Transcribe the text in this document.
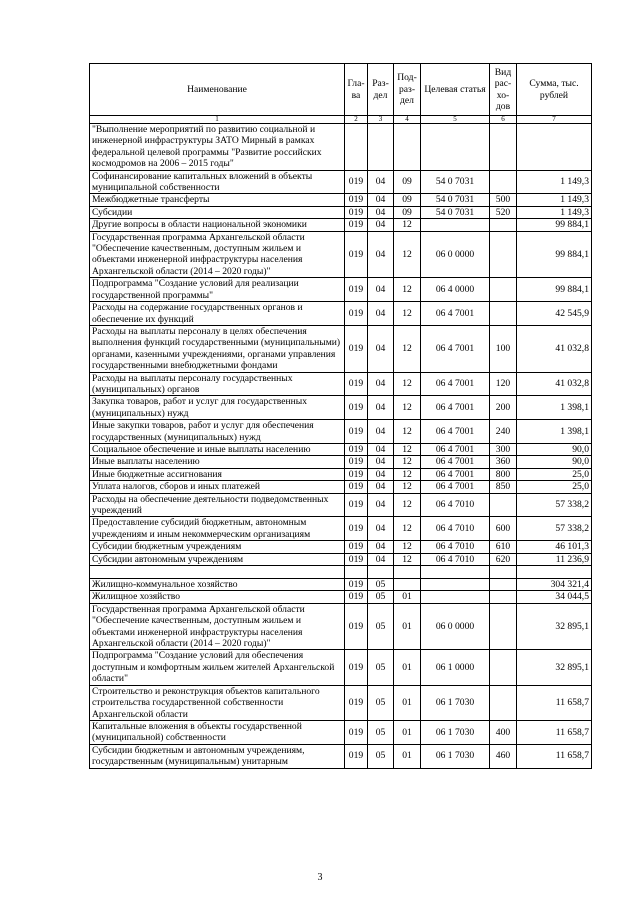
Наименование	Гла-ва	Раз-дел	Под-раз-дел	Целевая статья	Вид рас-хо-дов	Сумма, тыс. рублей
1	2	3	4	5	6	7
"Выполнение мероприятий по развитию социальной и инженерной инфраструктуры ЗАТО Мирный в рамках федеральной целевой программы "Развитие российских космодромов на 2006 – 2015 годы"						
Софинансирование капитальных вложений в объекты муниципальной собственности	019	04	09	54 0 7031		1 149,3
Межбюджетные трансферты	019	04	09	54 0 7031	500	1 149,3
Субсидии	019	04	09	54 0 7031	520	1 149,3
Другие вопросы в области национальной экономики	019	04	12			99 884,1
Государственная программа Архангельской области "Обеспечение качественным, доступным жильем и объектами инженерной инфраструктуры населения Архангельской области (2014 – 2020 годы)"	019	04	12	06 0 0000		99 884,1
Подпрограмма "Создание условий для реализации государственной программы"	019	04	12	06 4 0000		99 884,1
Расходы на содержание государственных органов и обеспечение их функций	019	04	12	06 4 7001		42 545,9
Расходы на выплаты персоналу в целях обеспечения выполнения функций государственными (муниципальными) органами, казенными учреждениями, органами управления государственными внебюджетными фондами	019	04	12	06 4 7001	100	41 032,8
Расходы на выплаты персоналу государственных (муниципальных) органов	019	04	12	06 4 7001	120	41 032,8
Закупка товаров, работ и услуг для государственных (муниципальных) нужд	019	04	12	06 4 7001	200	1 398,1
Иные закупки товаров, работ и услуг для обеспечения государственных (муниципальных) нужд	019	04	12	06 4 7001	240	1 398,1
Социальное обеспечение и иные выплаты населению	019	04	12	06 4 7001	300	90,0
Иные выплаты населению	019	04	12	06 4 7001	360	90,0
Иные бюджетные ассигнования	019	04	12	06 4 7001	800	25,0
Уплата налогов, сборов и иных платежей	019	04	12	06 4 7001	850	25,0
Расходы на обеспечение деятельности подведомственных учреждений	019	04	12	06 4 7010		57 338,2
Предоставление субсидий бюджетным, автономным учреждениям и иным некоммерческим организациям	019	04	12	06 4 7010	600	57 338,2
Субсидии бюджетным учреждениям	019	04	12	06 4 7010	610	46 101,3
Субсидии автономным учреждениям	019	04	12	06 4 7010	620	11 236,9

Жилищно-коммунальное хозяйство	019	05				304 321,4
Жилищное хозяйство	019	05	01			34 044,5
Государственная программа Архангельской области "Обеспечение качественным, доступным жильем и объектами инженерной инфраструктуры населения Архангельской области (2014 – 2020 годы)"	019	05	01	06 0 0000		32 895,1
Подпрограмма "Создание условий для обеспечения доступным и комфортным жильем жителей Архангельской области"	019	05	01	06 1 0000		32 895,1
Строительство и реконструкция объектов капитального строительства государственной собственности Архангельской области	019	05	01	06 1 7030		11 658,7
Капитальные вложения в объекты государственной (муниципальной) собственности	019	05	01	06 1 7030	400	11 658,7
Субсидии бюджетным и автономным учреждениям, государственным (муниципальным) унитарным	019	05	01	06 1 7030	460	11 658,7
3
